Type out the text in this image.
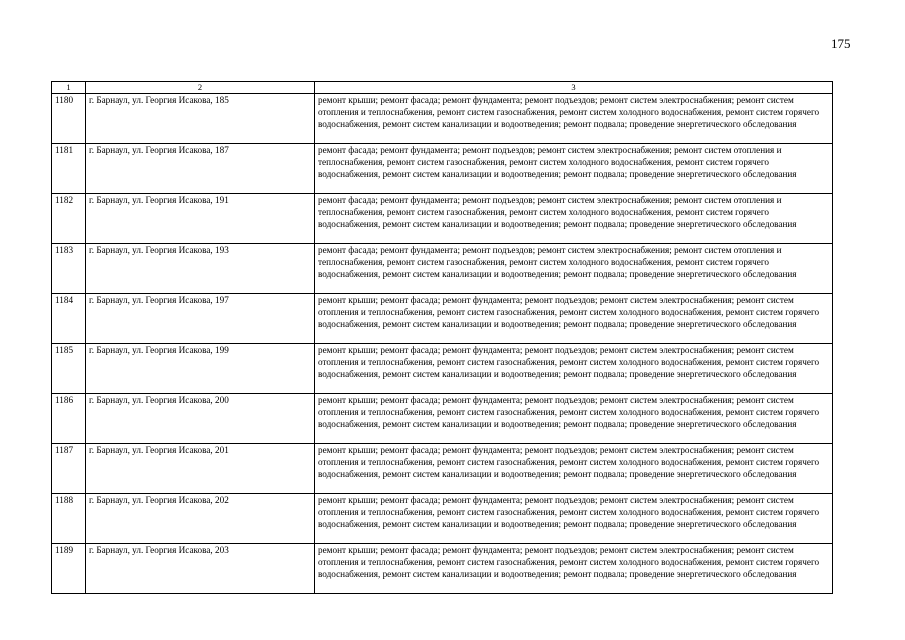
175
1	2	3
1180	г. Барнаул, ул. Георгия Исакова, 185	ремонт крыши; ремонт фасада; ремонт фундамента; ремонт подъездов; ремонт систем электроснабжения; ремонт систем отопления и теплоснабжения, ремонт систем газоснабжения, ремонт систем холодного водоснабжения, ремонт систем горячего водоснабжения, ремонт систем канализации и водоотведения; ремонт подвала; проведение энергетического обследования
1181	г. Барнаул, ул. Георгия Исакова, 187	ремонт фасада; ремонт фундамента; ремонт подъездов; ремонт систем электроснабжения; ремонт систем отопления и теплоснабжения, ремонт систем газоснабжения, ремонт систем холодного водоснабжения, ремонт систем горячего водоснабжения, ремонт систем канализации и водоотведения; ремонт подвала; проведение энергетического обследования
1182	г. Барнаул, ул. Георгия Исакова, 191	ремонт фасада; ремонт фундамента; ремонт подъездов; ремонт систем электроснабжения; ремонт систем отопления и теплоснабжения, ремонт систем газоснабжения, ремонт систем холодного водоснабжения, ремонт систем горячего водоснабжения, ремонт систем канализации и водоотведения; ремонт подвала; проведение энергетического обследования
1183	г. Барнаул, ул. Георгия Исакова, 193	ремонт фасада; ремонт фундамента; ремонт подъездов; ремонт систем электроснабжения; ремонт систем отопления и теплоснабжения, ремонт систем газоснабжения, ремонт систем холодного водоснабжения, ремонт систем горячего водоснабжения, ремонт систем канализации и водоотведения; ремонт подвала; проведение энергетического обследования
1184	г. Барнаул, ул. Георгия Исакова, 197	ремонт крыши; ремонт фасада; ремонт фундамента; ремонт подъездов; ремонт систем электроснабжения; ремонт систем отопления и теплоснабжения, ремонт систем газоснабжения, ремонт систем холодного водоснабжения, ремонт систем горячего водоснабжения, ремонт систем канализации и водоотведения; ремонт подвала; проведение энергетического обследования
1185	г. Барнаул, ул. Георгия Исакова, 199	ремонт крыши; ремонт фасада; ремонт фундамента; ремонт подъездов; ремонт систем электроснабжения; ремонт систем отопления и теплоснабжения, ремонт систем газоснабжения, ремонт систем холодного водоснабжения, ремонт систем горячего водоснабжения, ремонт систем канализации и водоотведения; ремонт подвала; проведение энергетического обследования
1186	г. Барнаул, ул. Георгия Исакова, 200	ремонт крыши; ремонт фасада; ремонт фундамента; ремонт подъездов; ремонт систем электроснабжения; ремонт систем отопления и теплоснабжения, ремонт систем газоснабжения, ремонт систем холодного водоснабжения, ремонт систем горячего водоснабжения, ремонт систем канализации и водоотведения; ремонт подвала; проведение энергетического обследования
1187	г. Барнаул, ул. Георгия Исакова, 201	ремонт крыши; ремонт фасада; ремонт фундамента; ремонт подъездов; ремонт систем электроснабжения; ремонт систем отопления и теплоснабжения, ремонт систем газоснабжения, ремонт систем холодного водоснабжения, ремонт систем горячего водоснабжения, ремонт систем канализации и водоотведения; ремонт подвала; проведение энергетического обследования
1188	г. Барнаул, ул. Георгия Исакова, 202	ремонт крыши; ремонт фасада; ремонт фундамента; ремонт подъездов; ремонт систем электроснабжения; ремонт систем отопления и теплоснабжения, ремонт систем газоснабжения, ремонт систем холодного водоснабжения, ремонт систем горячего водоснабжения, ремонт систем канализации и водоотведения; ремонт подвала; проведение энергетического обследования
1189	г. Барнаул, ул. Георгия Исакова, 203	ремонт крыши; ремонт фасада; ремонт фундамента; ремонт подъездов; ремонт систем электроснабжения; ремонт систем отопления и теплоснабжения, ремонт систем газоснабжения, ремонт систем холодного водоснабжения, ремонт систем горячего водоснабжения, ремонт систем канализации и водоотведения; ремонт подвала; проведение энергетического обследования
